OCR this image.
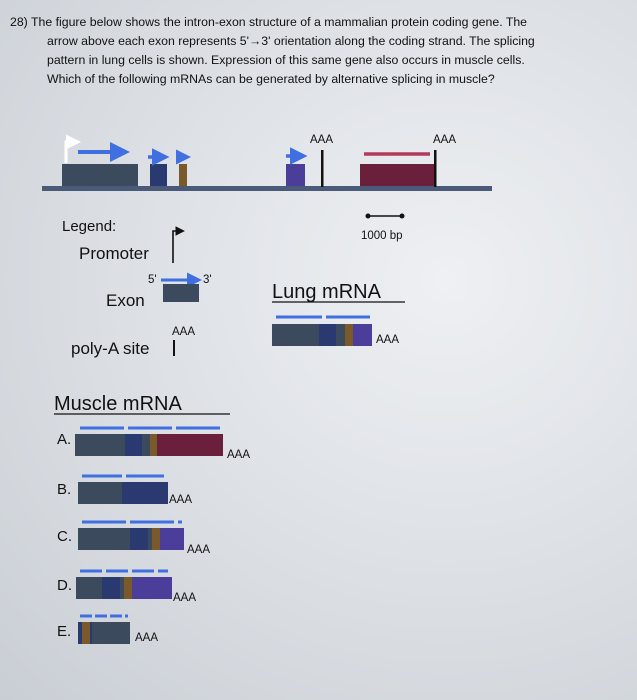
28) The figure below shows the intron-exon structure of a mammalian protein coding gene. The
arrow above each exon represents 5'→3' orientation along the coding strand. The splicing
pattern in lung cells is shown. Expression of this same gene also occurs in muscle cells.
Which of the following mRNAs can be generated by alternative splicing in muscle?
AAA	AAA
Legend:
Promoter
1000 bp
5'	3'
Exon
poly-A site
AAA
Lung mRNA
AAA
Muscle mRNA
A.
AAA
B.
AAA
C.
AAA
D.
AAA
E.	AAA
